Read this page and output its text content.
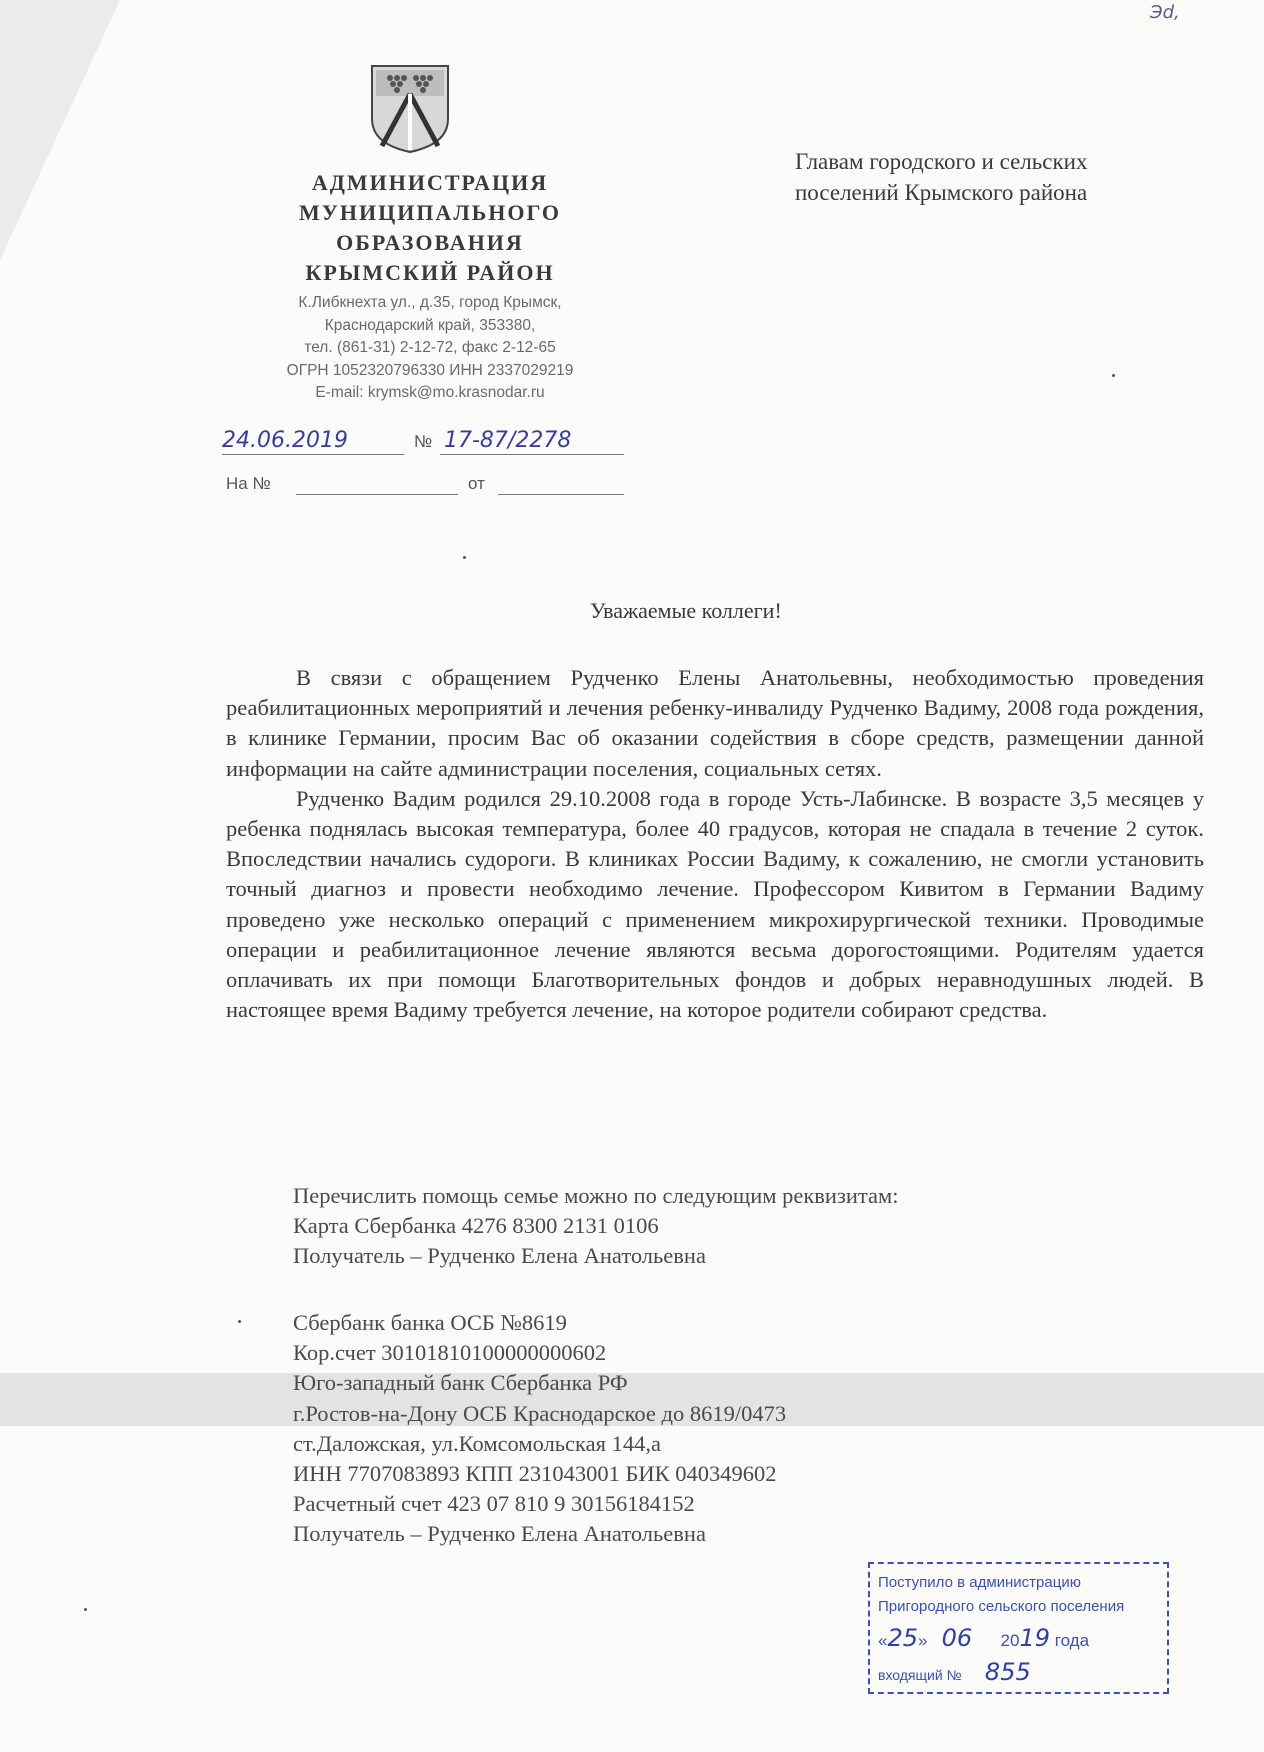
Эd,
АДМИНИСТРАЦИЯ
МУНИЦИПАЛЬНОГО
ОБРАЗОВАНИЯ
КРЫМСКИЙ РАЙОН
К.Либкнехта ул., д.35, город Крымск,
Краснодарский край, 353380,
тел. (861-31) 2-12-72, факс 2-12-65
ОГРН 1052320796330 ИНН 2337029219
E-mail: krymsk@mo.krasnodar.ru
24.06.2019	№ 17-87/2278
На №	от
Главам городского и сельских
поселений Крымского района
Уважаемые коллеги!

В связи с обращением Рудченко Елены Анатольевны, необходимостью проведения реабилитационных мероприятий и лечения ребенку-инвалиду Рудченко Вадиму, 2008 года рождения, в клинике Германии, просим Вас об оказании содействия в сборе средств, размещении данной информации на сайте администрации поселения, социальных сетях.

Рудченко Вадим родился 29.10.2008 года в городе Усть-Лабинске. В возрасте 3,5 месяцев у ребенка поднялась высокая температура, более 40 градусов, которая не спадала в течение 2 суток. Впоследствии начались судороги. В клиниках России Вадиму, к сожалению, не смогли установить точный диагноз и провести необходимо лечение. Профессором Кивитом в Германии Вадиму проведено уже несколько операций с применением микрохирургической техники. Проводимые операции и реабилитационное лечение являются весьма дорогостоящими. Родителям удается оплачивать их при помощи Благотворительных фондов и добрых неравнодушных людей. В настоящее время Вадиму требуется лечение, на которое родители собирают средства.

Перечислить помощь семье можно по следующим реквизитам:
Карта Сбербанка 4276 8300 2131 0106
Получатель – Рудченко Елена Анатольевна
Сбербанк банка ОСБ №8619
Кор.счет 30101810100000000602
Юго-западный банк Сбербанка РФ
г.Ростов-на-Дону ОСБ Краснодарское до 8619/0473
ст.Даложская, ул.Комсомольская 144,а
ИНН 7707083893 КПП 231043001 БИК 040349602
Расчетный счет 423 07 810 9 30156184152
Получатель – Рудченко Елена Анатольевна
Поступило в администрацию
Пригородного сельского поселения
«25» 06 2019 года
входящий № 855
